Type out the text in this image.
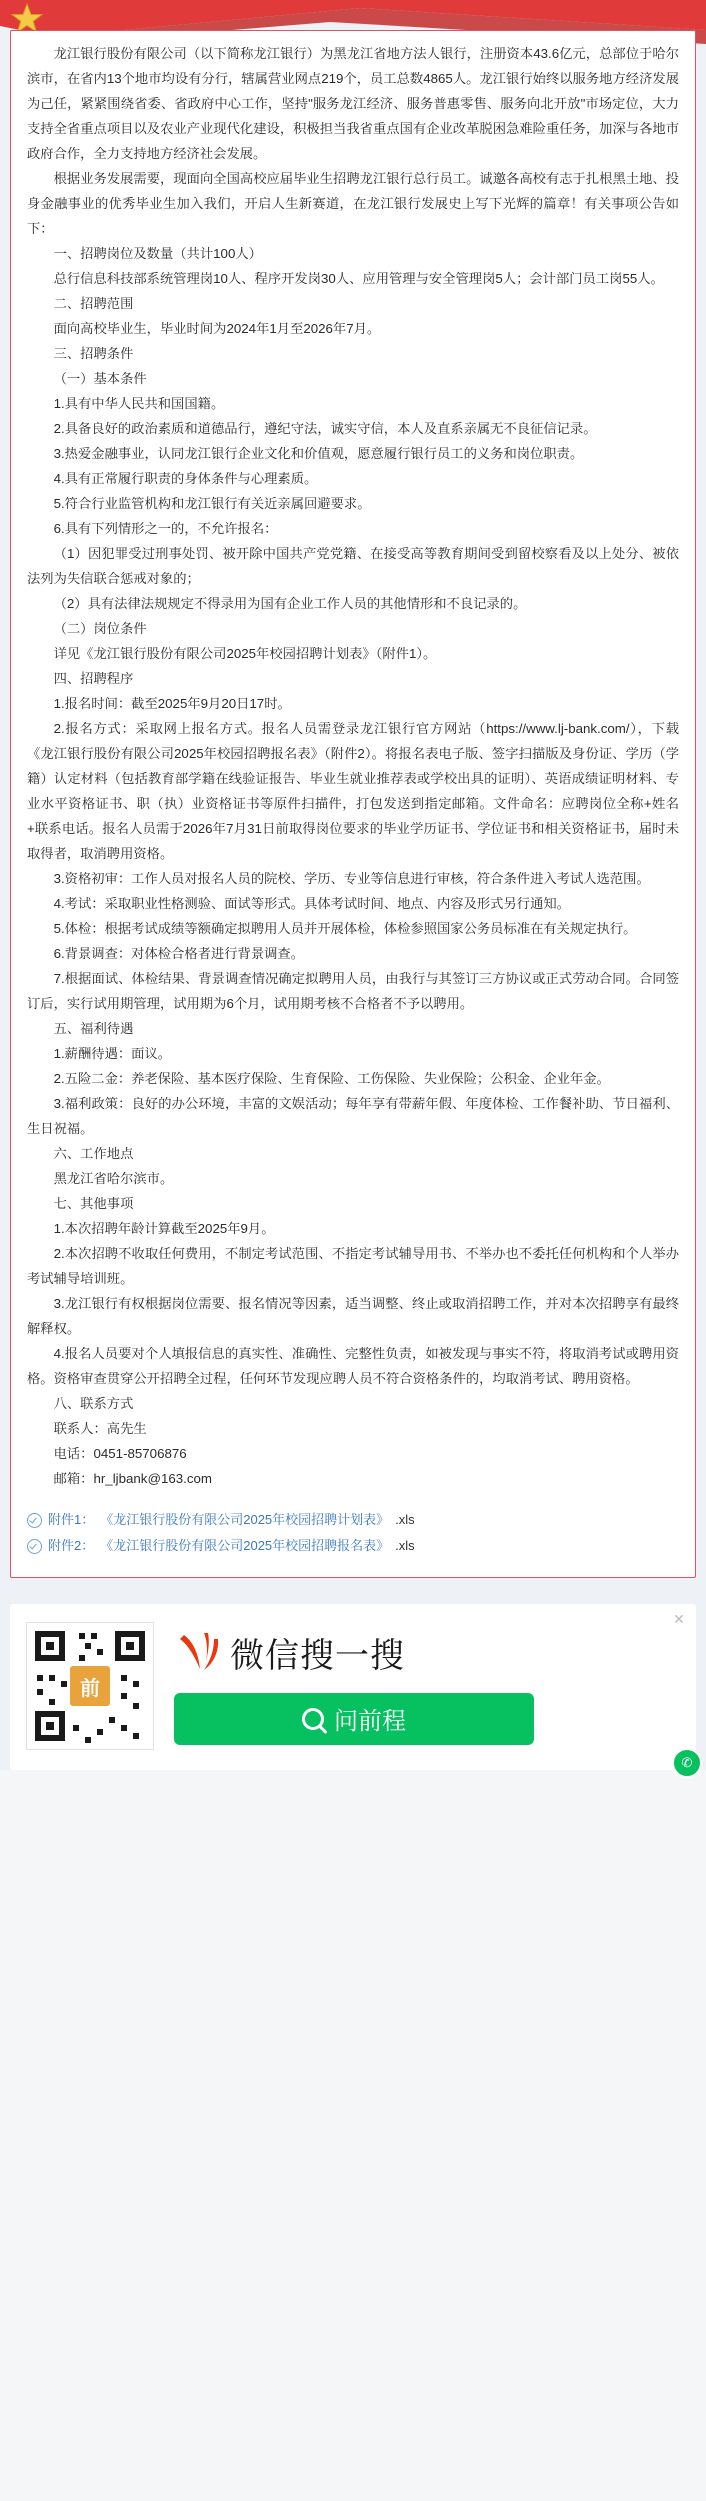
龙江银行股份有限公司（以下简称龙江银行）为黑龙江省地方法人银行，注册资本43.6亿元，总部位于哈尔滨市，在省内13个地市均设有分行，辖属营业网点219个，员工总数4865人。龙江银行始终以服务地方经济发展为己任，紧紧围绕省委、省政府中心工作，坚持"服务龙江经济、服务普惠零售、服务向北开放"市场定位，大力支持全省重点项目以及农业产业现代化建设，积极担当我省重点国有企业改革脱困急难险重任务，加深与各地市政府合作，全力支持地方经济社会发展。

根据业务发展需要，现面向全国高校应届毕业生招聘龙江银行总行员工。诚邀各高校有志于扎根黑土地、投身金融事业的优秀毕业生加入我们，开启人生新赛道，在龙江银行发展史上写下光辉的篇章！有关事项公告如下：

一、招聘岗位及数量（共计100人）

总行信息科技部系统管理岗10人、程序开发岗30人、应用管理与安全管理岗5人；会计部门员工岗55人。

二、招聘范围

面向高校毕业生，毕业时间为2024年1月至2026年7月。

三、招聘条件

（一）基本条件

1.具有中华人民共和国国籍。

2.具备良好的政治素质和道德品行，遵纪守法，诚实守信，本人及直系亲属无不良征信记录。

3.热爱金融事业，认同龙江银行企业文化和价值观，愿意履行银行员工的义务和岗位职责。

4.具有正常履行职责的身体条件与心理素质。

5.符合行业监管机构和龙江银行有关近亲属回避要求。

6.具有下列情形之一的，不允许报名：

（1）因犯罪受过刑事处罚、被开除中国共产党党籍、在接受高等教育期间受到留校察看及以上处分、被依法列为失信联合惩戒对象的；

（2）具有法律法规规定不得录用为国有企业工作人员的其他情形和不良记录的。

（二）岗位条件

详见《龙江银行股份有限公司2025年校园招聘计划表》（附件1）。

四、招聘程序

1.报名时间：截至2025年9月20日17时。

2.报名方式：采取网上报名方式。报名人员需登录龙江银行官方网站（https://www.lj-bank.com/），下载《龙江银行股份有限公司2025年校园招聘报名表》（附件2）。将报名表电子版、签字扫描版及身份证、学历（学籍）认定材料（包括教育部学籍在线验证报告、毕业生就业推荐表或学校出具的证明）、英语成绩证明材料、专业水平资格证书、职（执）业资格证书等原件扫描件，打包发送到指定邮箱。文件命名：应聘岗位全称+姓名+联系电话。报名人员需于2026年7月31日前取得岗位要求的毕业学历证书、学位证书和相关资格证书，届时未取得者，取消聘用资格。

3.资格初审：工作人员对报名人员的院校、学历、专业等信息进行审核，符合条件进入考试人选范围。

4.考试：采取职业性格测验、面试等形式。具体考试时间、地点、内容及形式另行通知。

5.体检：根据考试成绩等额确定拟聘用人员并开展体检，体检参照国家公务员标准在有关规定执行。

6.背景调查：对体检合格者进行背景调查。

7.根据面试、体检结果、背景调查情况确定拟聘用人员，由我行与其签订三方协议或正式劳动合同。合同签订后，实行试用期管理，试用期为6个月，试用期考核不合格者不予以聘用。

五、福利待遇

1.薪酬待遇：面议。

2.五险二金：养老保险、基本医疗保险、生育保险、工伤保险、失业保险；公积金、企业年金。

3.福利政策：良好的办公环境，丰富的文娱活动；每年享有带薪年假、年度体检、工作餐补助、节日福利、生日祝福。

六、工作地点

黑龙江省哈尔滨市。

七、其他事项

1.本次招聘年龄计算截至2025年9月。

2.本次招聘不收取任何费用，不制定考试范围、不指定考试辅导用书、不举办也不委托任何机构和个人举办考试辅导培训班。

3.龙江银行有权根据岗位需要、报名情况等因素，适当调整、终止或取消招聘工作，并对本次招聘享有最终解释权。

4.报名人员要对个人填报信息的真实性、准确性、完整性负责，如被发现与事实不符，将取消考试或聘用资格。资格审查贯穿公开招聘全过程，任何环节发现应聘人员不符合资格条件的，均取消考试、聘用资格。

八、联系方式

联系人：高先生

电话：0451-85706876

邮箱：hr_ljbank@163.com

附件1： 《龙江银行股份有限公司2025年校园招聘计划表》 .xls
附件2： 《龙江银行股份有限公司2025年校园招聘报名表》 .xls
✕
前
微信搜一搜
问前程
✆
